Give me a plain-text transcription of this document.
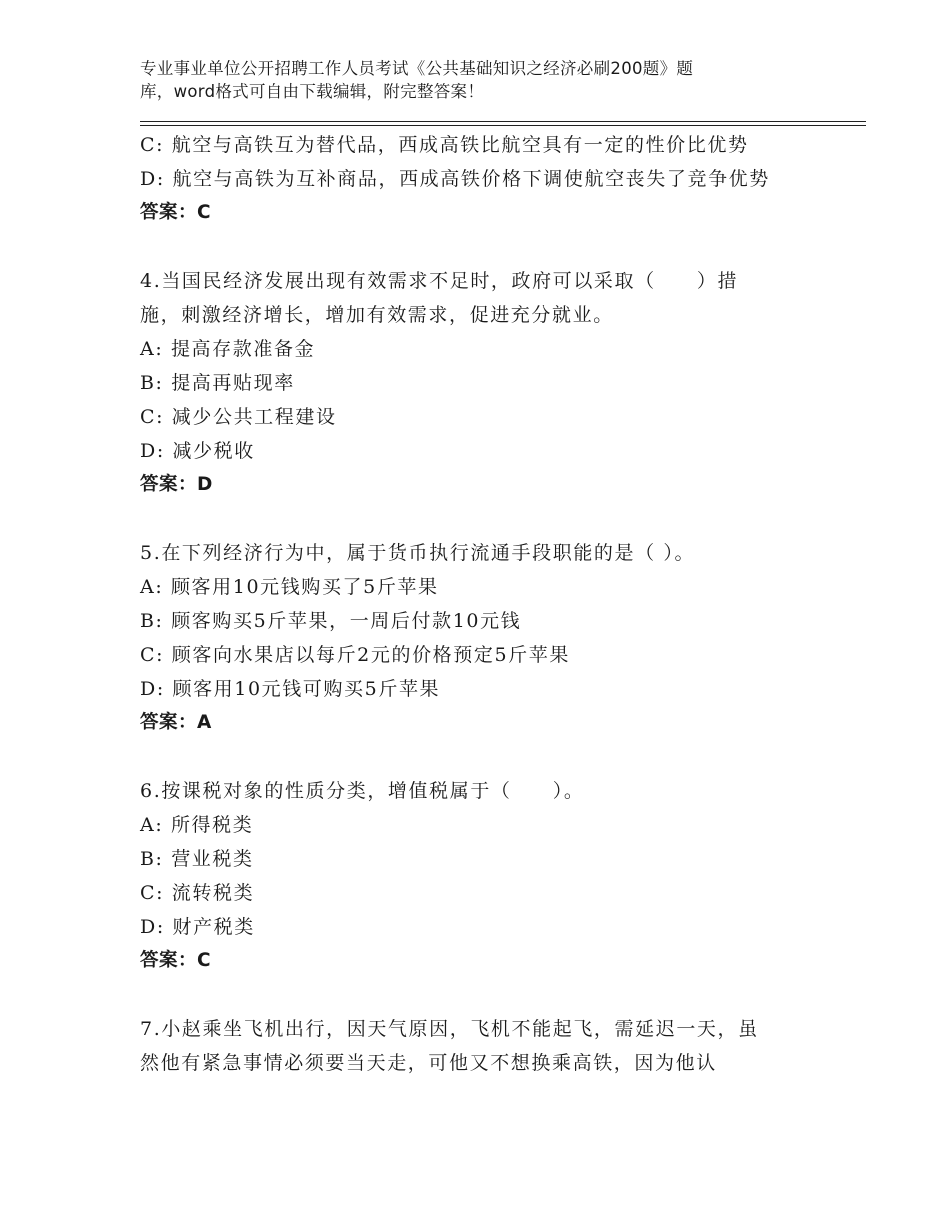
专业事业单位公开招聘工作人员考试《公共基础知识之经济必刷200题》题
库，word格式可自由下载编辑，附完整答案！
C: 航空与高铁互为替代品，西成高铁比航空具有一定的性价比优势
D: 航空与高铁为互补商品，西成高铁价格下调使航空丧失了竞争优势
答案：C
4.当国民经济发展出现有效需求不足时，政府可以采取（　　）措
施，刺激经济增长，增加有效需求，促进充分就业。
A: 提高存款准备金
B: 提高再贴现率
C: 减少公共工程建设
D: 减少税收
答案：D
5.在下列经济行为中，属于货币执行流通手段职能的是（ ）。
A: 顾客用10元钱购买了5斤苹果
B: 顾客购买5斤苹果，一周后付款10元钱
C: 顾客向水果店以每斤2元的价格预定5斤苹果
D: 顾客用10元钱可购买5斤苹果
答案：A
6.按课税对象的性质分类，增值税属于（　　）。
A: 所得税类
B: 营业税类
C: 流转税类
D: 财产税类
答案：C
7.小赵乘坐飞机出行，因天气原因，飞机不能起飞，需延迟一天，虽
然他有紧急事情必须要当天走，可他又不想换乘高铁，因为他认
